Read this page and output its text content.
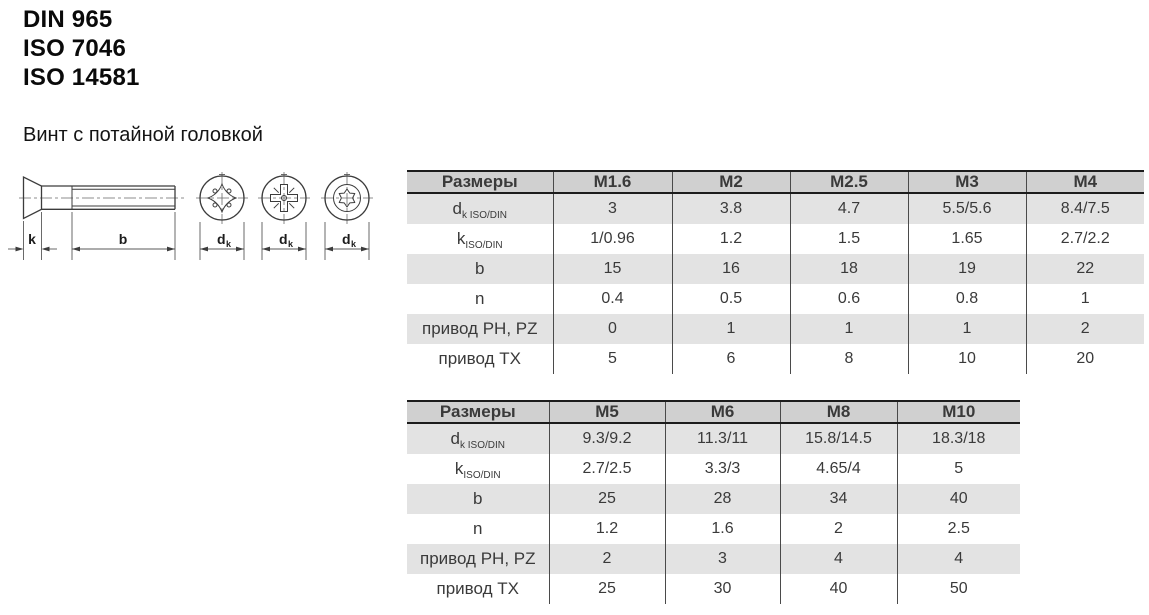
DIN 965
ISO 7046
ISO 14581
Винт с потайной головкой
k	b	d k	d k	d k
Размеры	M1.6	M2	M2.5	M3	M4
$d_{k ISO/DIN}$	3	3.8	4.7	5.5/5.6	8.4/7.5
$k_{ISO/DIN}$	1/0.96	1.2	1.5	1.65	2.7/2.2
b	15	16	18	19	22
n	0.4	0.5	0.6	0.8	1
привод PH, PZ	0	1	1	1	2
привод TX	5	6	8	10	20
Размеры	M5	M6	M8	M10
$d_{k ISO/DIN}$	9.3/9.2	11.3/11	15.8/14.5	18.3/18
$k_{ISO/DIN}$	2.7/2.5	3.3/3	4.65/4	5
b	25	28	34	40
n	1.2	1.6	2	2.5
привод PH, PZ	2	3	4	4
привод TX	25	30	40	50
